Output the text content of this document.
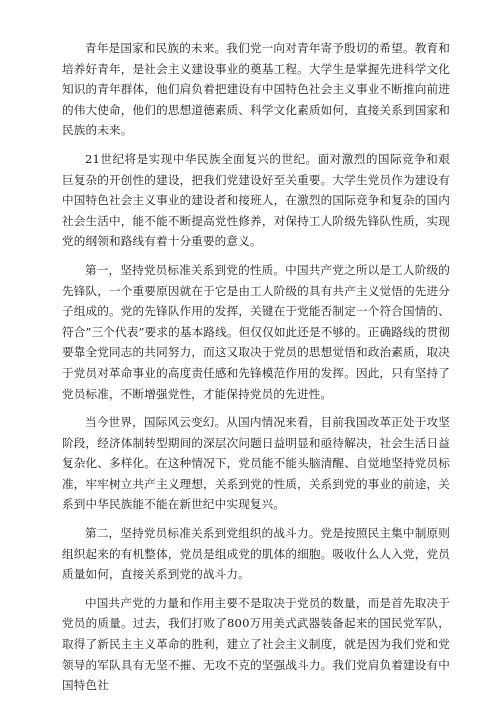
青年是国家和民族的未来。我们党一向对青年寄予殷切的希望。教育和培养好青年，是社会主义建设事业的奠基工程。大学生是掌握先进科学文化知识的青年群体，他们肩负着把建设有中国特色社会主义事业不断推向前进的伟大使命，他们的思想道德素质、科学文化素质如何，直接关系到国家和民族的未来。

21世纪将是实现中华民族全面复兴的世纪。面对激烈的国际竞争和艰巨复杂的开创性的建设，把我们党建设好至关重要。大学生党员作为建设有中国特色社会主义事业的建设者和接班人，在激烈的国际竞争和复杂的国内社会生活中，能不能不断提高党性修养，对保持工人阶级先锋队性质，实现党的纲领和路线有着十分重要的意义。

第一，坚持党员标准关系到党的性质。中国共产党之所以是工人阶级的先锋队，一个重要原因就在于它是由工人阶级的具有共产主义觉悟的先进分子组成的。党的先锋队作用的发挥，关键在于党能否制定一个符合国情的、符合”三个代表”要求的基本路线。但仅仅如此还是不够的。正确路线的贯彻要靠全党同志的共同努力，而这又取决于党员的思想觉悟和政治素质，取决于党员对革命事业的高度责任感和先锋模范作用的发挥。因此，只有坚持了党员标准，不断增强党性，才能保持党员的先进性。

当今世界，国际风云变幻。从国内情况来看，目前我国改革正处于攻坚阶段，经济体制转型期间的深层次问题日益明显和亟待解决，社会生活日益复杂化、多样化。在这种情况下，党员能不能头脑清醒、自觉地坚持党员标准，牢牢树立共产主义理想，关系到党的性质，关系到党的事业的前途，关系到中华民族能不能在新世纪中实现复兴。

第二，坚持党员标准关系到党组织的战斗力。党是按照民主集中制原则组织起来的有机整体，党员是组成党的肌体的细胞。吸收什么人入党，党员质量如何，直接关系到党的战斗力。

中国共产党的力量和作用主要不是取决于党员的数量，而是首先取决于党员的质量。过去，我们打败了800万用美式武器装备起来的国民党军队，取得了新民主主义革命的胜利，建立了社会主义制度，就是因为我们党和党领导的军队具有无坚不摧、无攻不克的坚强战斗力。我们党肩负着建设有中国特色社
